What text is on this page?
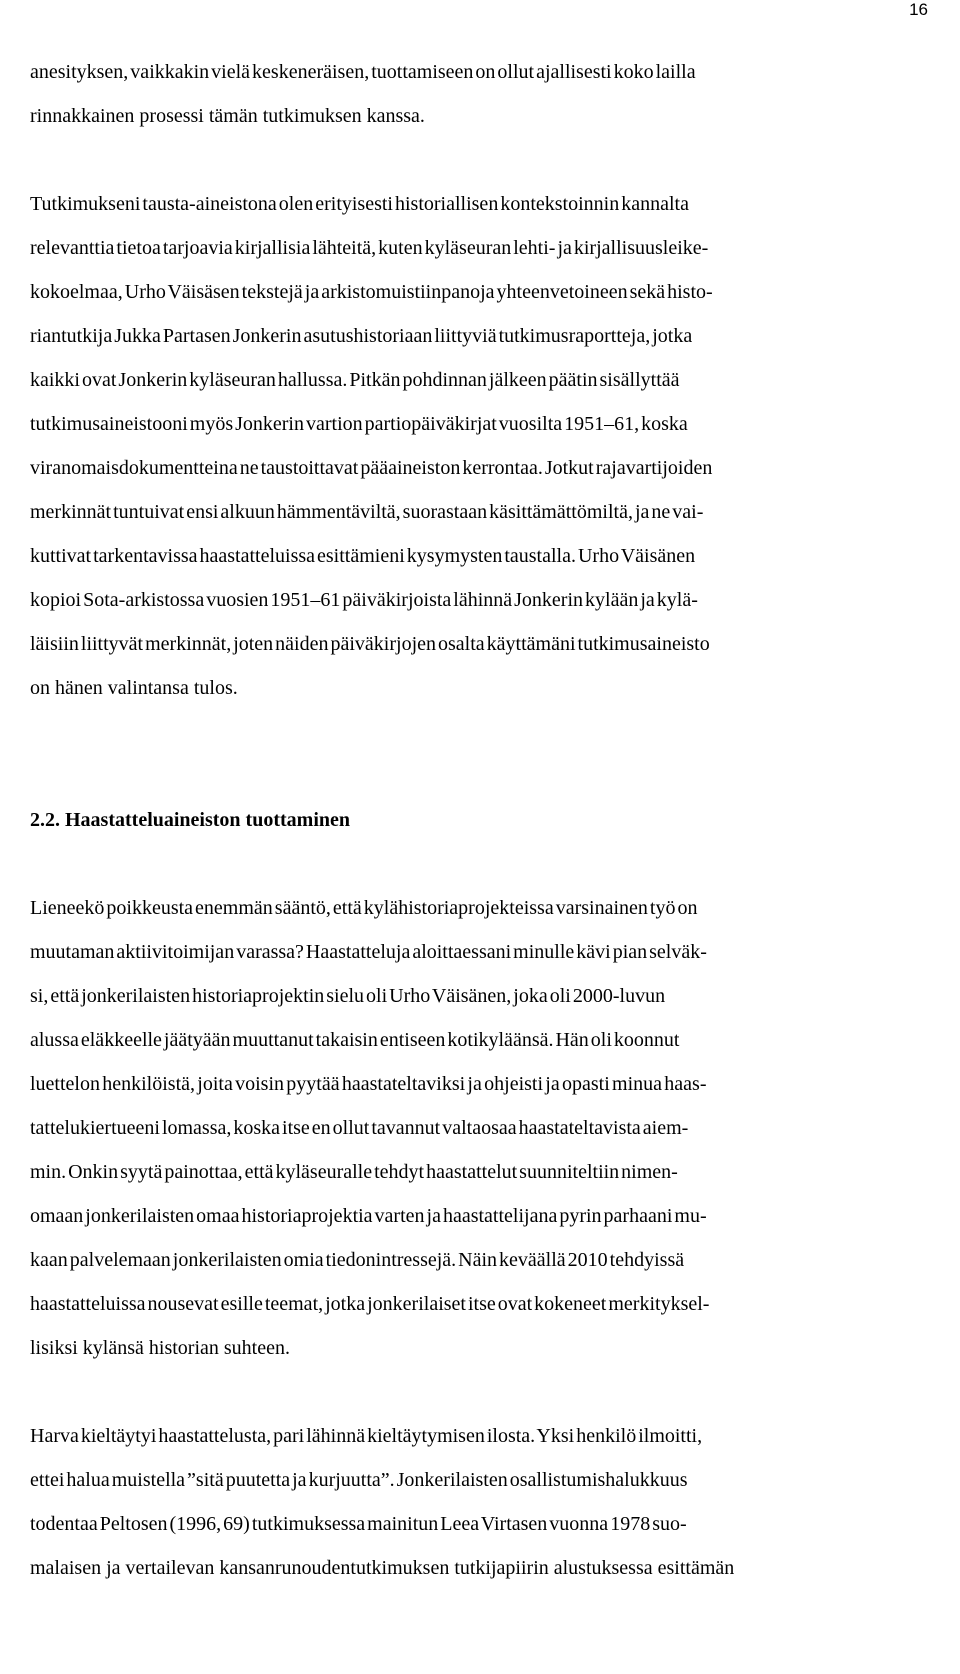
16
anesityksen, vaikkakin vielä keskeneräisen, tuottamiseen on ollut ajallisesti koko lailla
rinnakkainen prosessi tämän tutkimuksen kanssa.
Tutkimukseni tausta-aineistona olen erityisesti historiallisen kontekstoinnin kannalta
relevanttia tietoa tarjoavia kirjallisia lähteitä, kuten kyläseuran lehti- ja kirjallisuusleike-
kokoelmaa, Urho Väisäsen tekstejä ja arkistomuistiinpanoja yhteenvetoineen sekä histo-
riantutkija Jukka Partasen Jonkerin asutushistoriaan liittyviä tutkimusraportteja, jotka
kaikki ovat Jonkerin kyläseuran hallussa. Pitkän pohdinnan jälkeen päätin sisällyttää
tutkimusaineistooni myös Jonkerin vartion partiopäiväkirjat vuosilta 1951–61, koska
viranomaisdokumentteina ne taustoittavat pääaineiston kerrontaa. Jotkut rajavartijoiden
merkinnät tuntuivat ensi alkuun hämmentäviltä, suorastaan käsittämättömiltä, ja ne vai-
kuttivat tarkentavissa haastatteluissa esittämieni kysymysten taustalla. Urho Väisänen
kopioi Sota-arkistossa vuosien 1951–61 päiväkirjoista lähinnä Jonkerin kylään ja kylä-
läisiin liittyvät merkinnät, joten näiden päiväkirjojen osalta käyttämäni tutkimusaineisto
on hänen valintansa tulos.
2.2. Haastatteluaineiston tuottaminen
Lieneekö poikkeusta enemmän sääntö, että kylähistoriaprojekteissa varsinainen työ on
muutaman aktiivitoimijan varassa? Haastatteluja aloittaessani minulle kävi pian selväk-
si, että jonkerilaisten historiaprojektin sielu oli Urho Väisänen, joka oli 2000-luvun
alussa eläkkeelle jäätyään muuttanut takaisin entiseen kotikyläänsä. Hän oli koonnut
luettelon henkilöistä, joita voisin pyytää haastateltaviksi ja ohjeisti ja opasti minua haas-
tattelukiertueeni lomassa, koska itse en ollut tavannut valtaosaa haastateltavista aiem-
min. Onkin syytä painottaa, että kyläseuralle tehdyt haastattelut suunniteltiin nimen-
omaan jonkerilaisten omaa historiaprojektia varten ja haastattelijana pyrin parhaani mu-
kaan palvelemaan jonkerilaisten omia tiedonintressejä. Näin keväällä 2010 tehdyissä
haastatteluissa nousevat esille teemat, jotka jonkerilaiset itse ovat kokeneet merkityksel-
lisiksi kylänsä historian suhteen.
Harva kieltäytyi haastattelusta, pari lähinnä kieltäytymisen ilosta. Yksi henkilö ilmoitti,
ettei halua muistella ”sitä puutetta ja kurjuutta”. Jonkerilaisten osallistumishalukkuus
todentaa Peltosen (1996, 69) tutkimuksessa mainitun Leea Virtasen vuonna 1978 suo-
malaisen ja vertailevan kansanrunoudentutkimuksen tutkijapiirin alustuksessa esittämän
